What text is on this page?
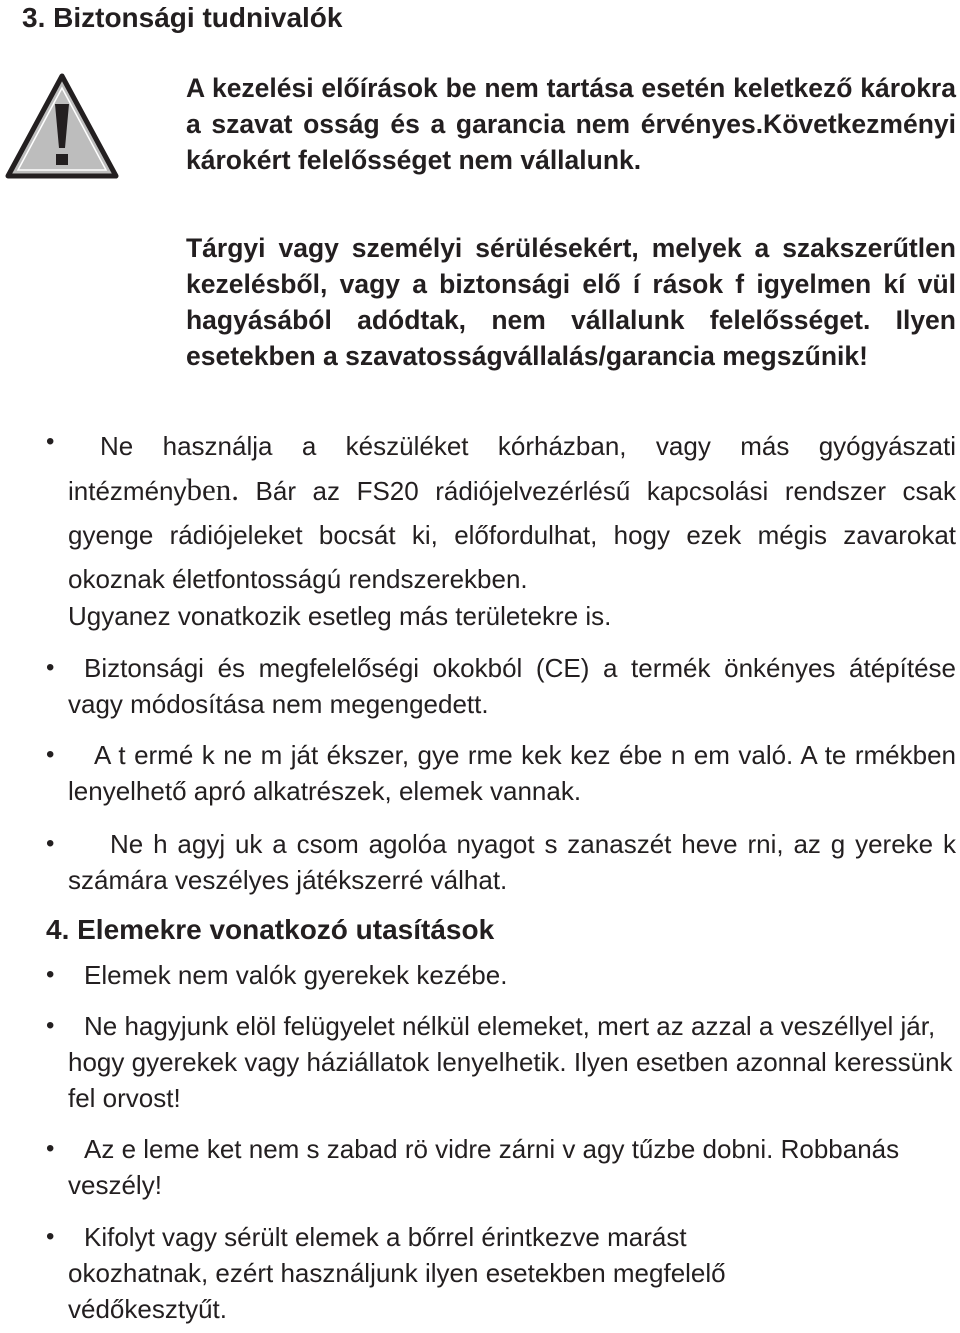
3. Biztonsági tudnivalók

A kezelési előírások be nem tartása esetén keletkező károkra a szavat osság és a garancia nem érvényes.Következményi károkért felelősséget nem vállalunk.

Tárgyi vagy személyi sérülésekért, melyek a szakszerűtlen kezelésből, vagy a biztonsági elő í rások f igyelmen kí vül hagyásából adódtak, nem vállalunk felelősséget. Ilyen esetekben a szavatosságvállalás/garancia megszűnik!

•	Ne használja a készüléket kórházban, vagy más gyógyászati intézményben. Bár az FS20 rádiójelvezérlésű kapcsolási rendszer csak gyenge rádiójeleket bocsát ki, előfordulhat, hogy ezek mégis zavarokat okoznak életfontosságú rendszerekben.

Ugyanez vonatkozik esetleg más területekre is.

•	Biztonsági és megfelelőségi okokból (CE) a termék önkényes átépítése vagy módosítása nem megengedett.

•	A t ermé k ne m ját ékszer, gye rme kek kez ébe n em való. A te rmékben lenyelhető apró alkatrészek, elemek vannak.

•	Ne h agyj uk a csom agolóa nyagot s zanaszét heve rni, az g yereke k számára veszélyes játékszerré válhat.

4. Elemekre vonatkozó utasítások
•	Elemek nem valók gyerekek kezébe.

•	Ne hagyjunk elöl felügyelet nélkül elemeket, mert az azzal a veszéllyel jár, hogy gyerekek vagy háziállatok lenyelhetik. Ilyen esetben azonnal keressünk fel orvost!

•	Az e leme ket nem s zabad rö vidre zárni v agy tűzbe dobni. Robbanás veszély!

•	Kifolyt vagy sérült elemek a bőrrel érintkezve marást okozhatnak, ezért használjunk ilyen esetekben megfelelő védőkesztyűt.
